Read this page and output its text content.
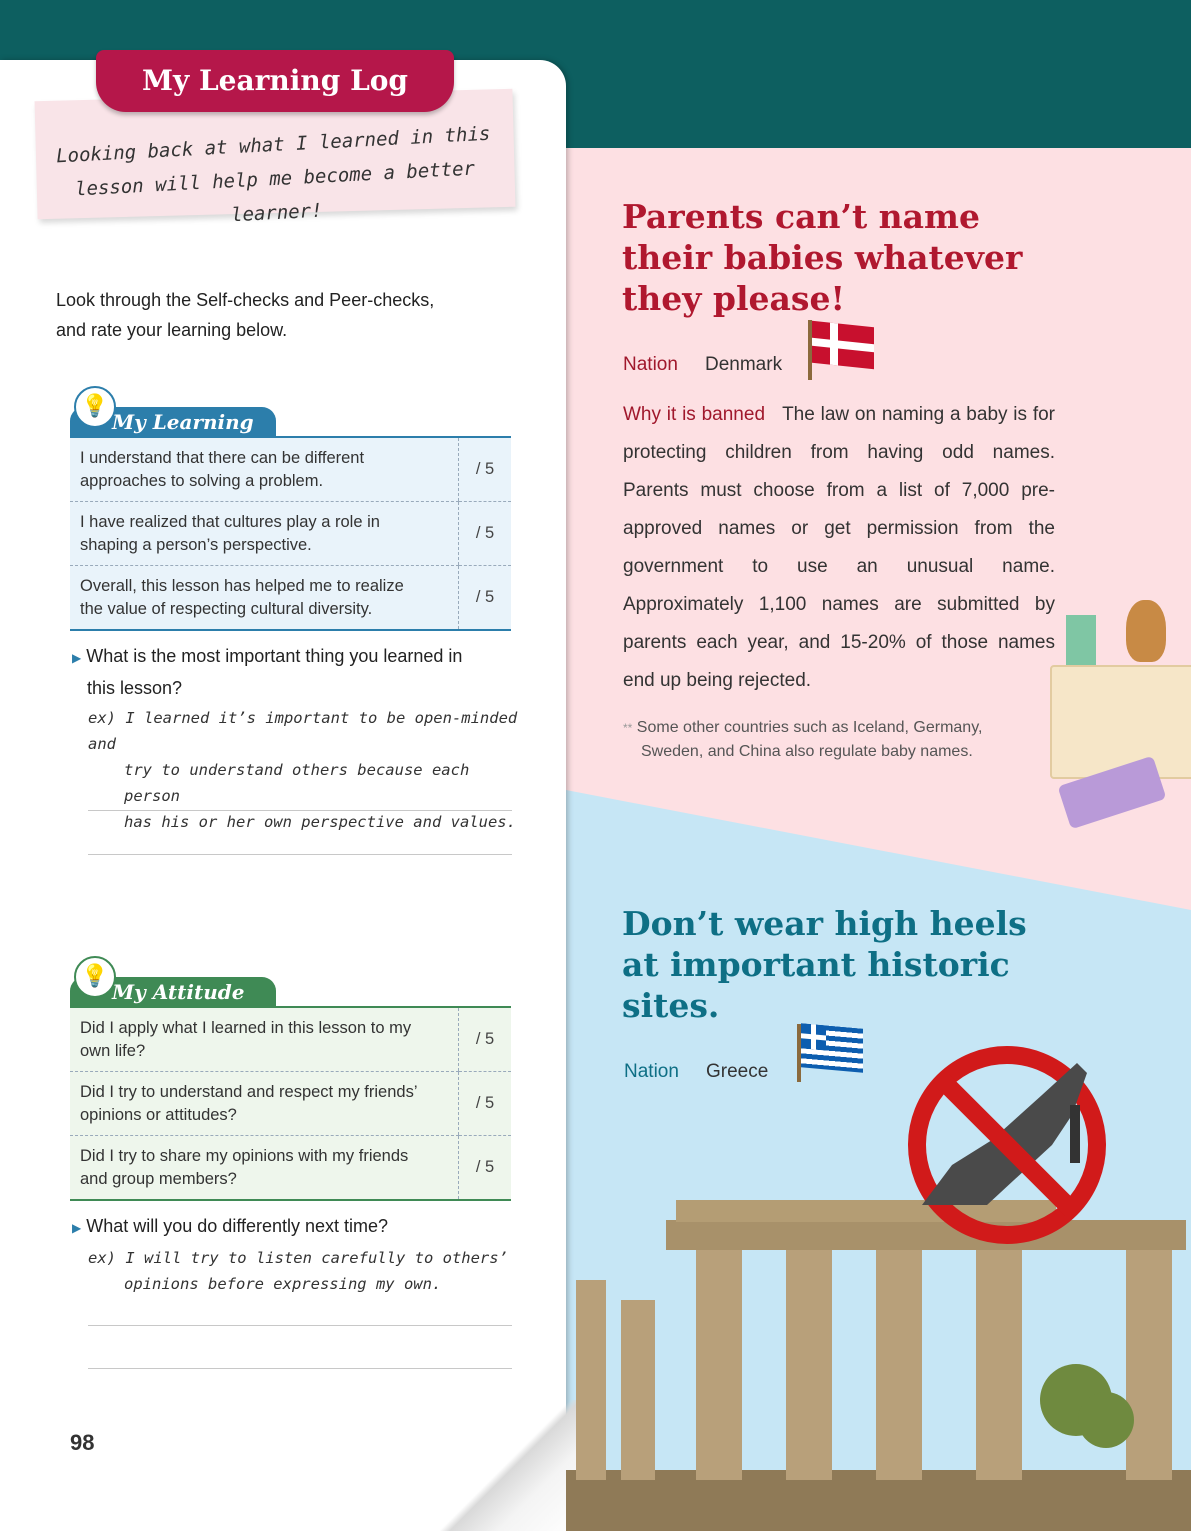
My Learning Log
Looking back at what I learned in this
lesson will help me become a better learner!
Look through the Self-checks and Peer-checks,
and rate your learning below.
My Learning
💡
I understand that there can be different
approaches to solving a problem.	/ 5
I have realized that cultures play a role in
shaping a person’s perspective.	/ 5
Overall, this lesson has helped me to realize
the value of respecting cultural diversity.	/ 5
▶ What is the most important thing you learned in
this lesson?
ex) I learned it’s important to be open-minded and
try to understand others because each person
has his or her own perspective and values.
My Attitude
💡
Did I apply what I learned in this lesson to my
own life?	/ 5
Did I try to understand and respect my friends’
opinions or attitudes?	/ 5
Did I try to share my opinions with my friends
and group members?	/ 5
▶ What will you do differently next time?
ex) I will try to listen carefully to others’
opinions before expressing my own.
98
Parents can’t name
their babies whatever
they please!
Nation Denmark
Why it is banned The law on naming a baby is for protecting children from having odd names. Parents must choose from a list of 7,000 pre-approved names or get permission from the government to use an unusual name. Approximately 1,100 names are submitted by parents each year, and 15-20% of those names end up being rejected.
** Some other countries such as Iceland, Germany,
Sweden, and China also regulate baby names.
Don’t wear high heels
at important historic
sites.
Nation Greece
